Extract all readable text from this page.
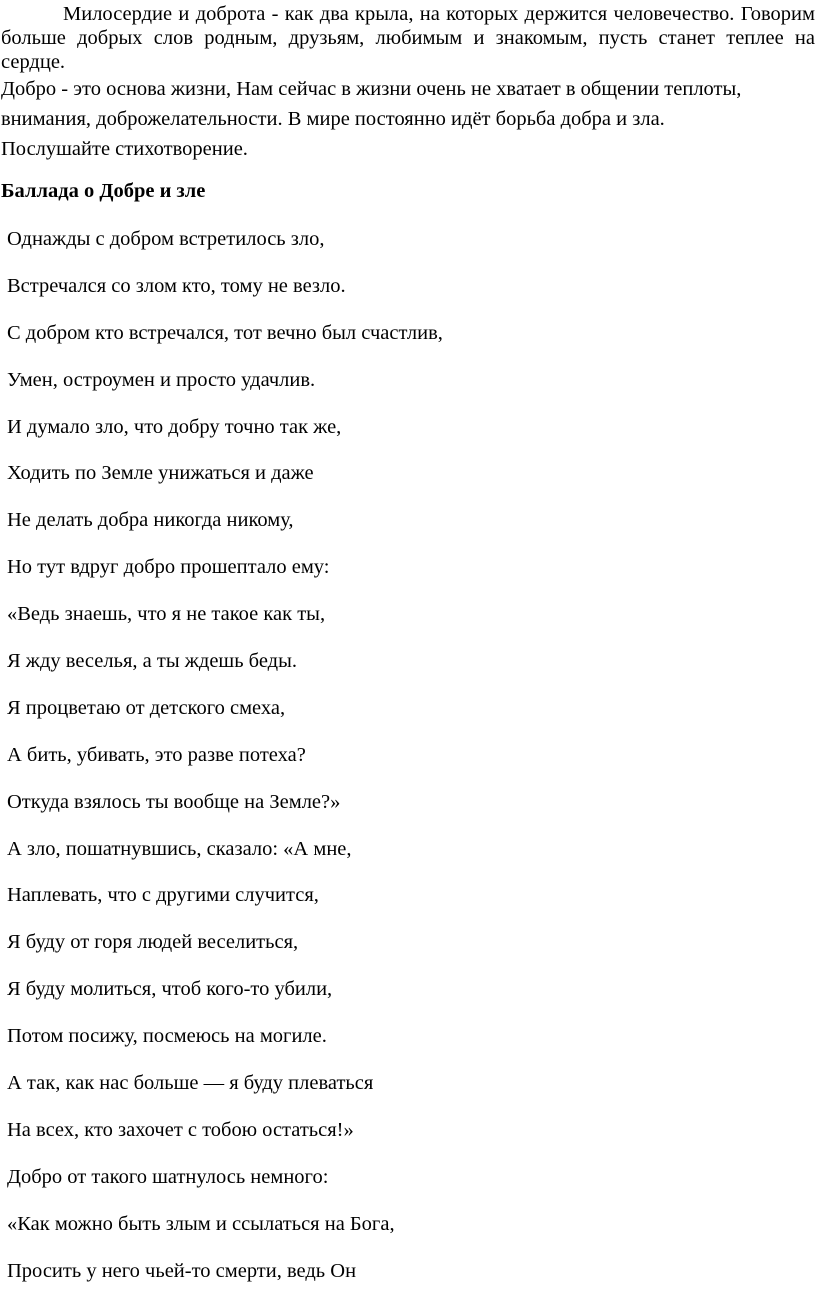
Милосердие и доброта - как два крыла, на которых держится человечество. Говорим больше добрых слов родным, друзьям, любимым и знакомым, пусть станет теплее на сердце.

Добро - это основа жизни, Нам сейчас в жизни очень не хватает в общении теплоты, внимания, доброжелательности. В мире постоянно идёт борьба добра и зла.

Послушайте стихотворение.

Баллада о Добре и зле
Однажды с добром встретилось зло,
Встречался со злом кто, тому не везло.
С добром кто встречался, тот вечно был счастлив,
Умен, остроумен и просто удачлив.
И думало зло, что добру точно так же,
Ходить по Земле унижаться и даже
Не делать добра никогда никому,
Но тут вдруг добро прошептало ему:
«Ведь знаешь, что я не такое как ты,
Я жду веселья, а ты ждешь беды.
Я процветаю от детского смеха,
А бить, убивать, это разве потеха?
Откуда взялось ты вообще на Земле?»
А зло, пошатнувшись, сказало: «А мне,
Наплевать, что с другими случится,
Я буду от горя людей веселиться,
Я буду молиться, чтоб кого-то убили,
Потом посижу, посмеюсь на могиле.
А так, как нас больше — я буду плеваться
На всех, кто захочет с тобою остаться!»
Добро от такого шатнулось немного:
«Как можно быть злым и ссылаться на Бога,
Просить у него чьей-то смерти, ведь Он
